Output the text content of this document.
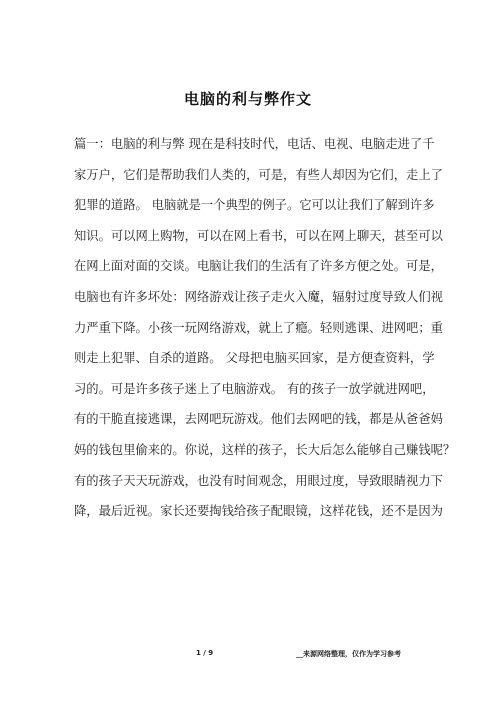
电脑的利与弊作文
篇一：电脑的利与弊 现在是科技时代，电话、电视、电脑走进了千
家万户，它们是帮助我们人类的，可是，有些人却因为它们，走上了
犯罪的道路。 电脑就是一个典型的例子。它可以让我们了解到许多
知识。可以网上购物，可以在网上看书，可以在网上聊天，甚至可以
在网上面对面的交谈。电脑让我们的生活有了许多方便之处。可是，
电脑也有许多坏处：网络游戏让孩子走火入魔，辐射过度导致人们视
力严重下降。小孩一玩网络游戏，就上了瘾。轻则逃课、进网吧；重
则走上犯罪、自杀的道路。 父母把电脑买回家，是方便查资料，学
习的。可是许多孩子迷上了电脑游戏。 有的孩子一放学就进网吧，
有的干脆直接逃课，去网吧玩游戏。他们去网吧的钱，都是从爸爸妈
妈的钱包里偷来的。你说，这样的孩子，长大后怎么能够自己赚钱呢？
有的孩子天天玩游戏，也没有时间观念，用眼过度，导致眼睛视力下
降，最后近视。家长还要掏钱给孩子配眼镜，这样花钱，还不是因为
1 / 9	__来源网络整理，仅作为学习参考
